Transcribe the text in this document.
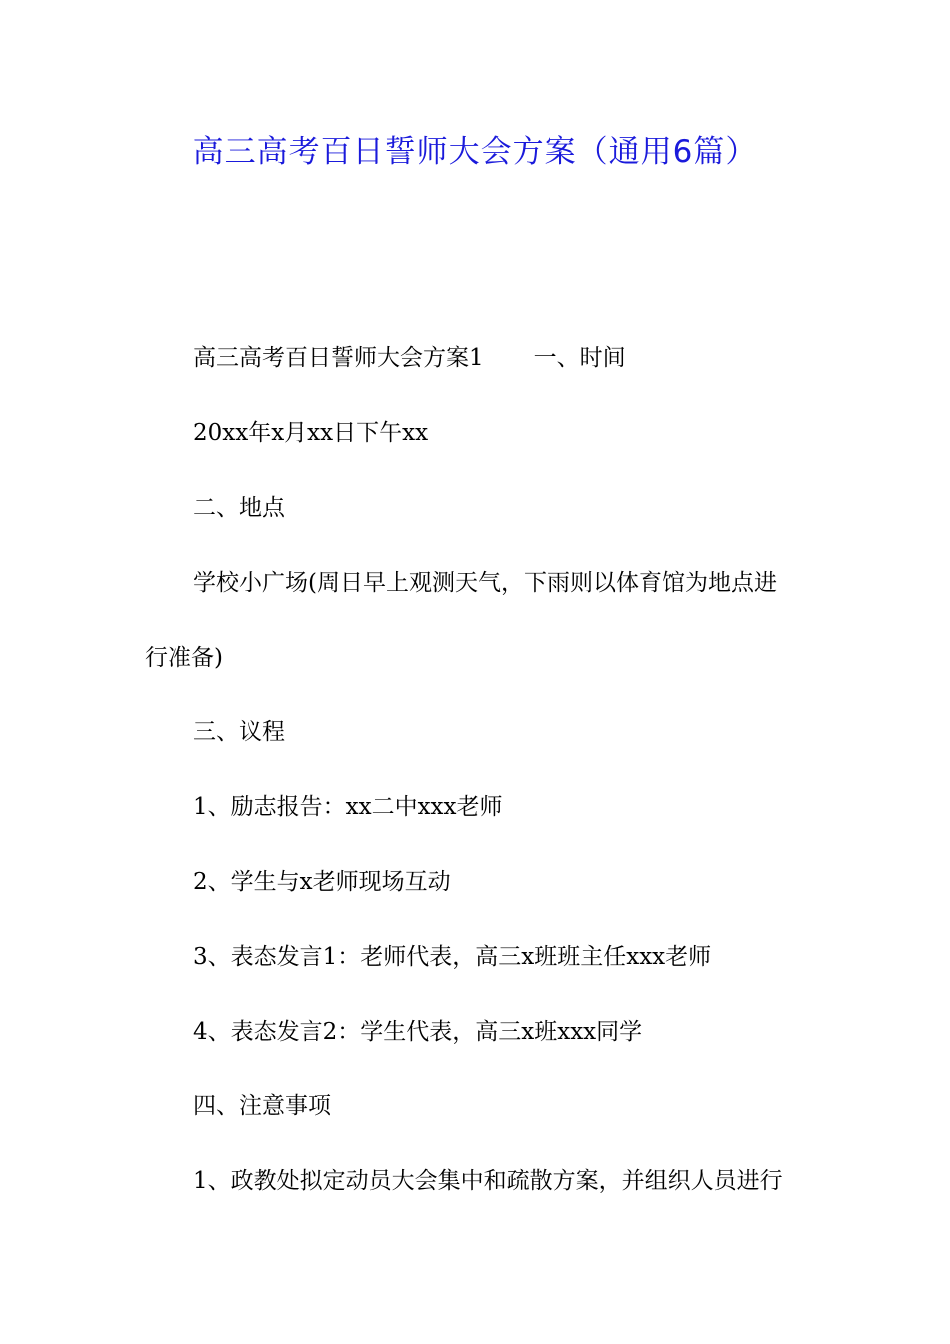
高三高考百日誓师大会方案（通用6篇）
高三高考百日誓师大会方案1 一、时间
20xx年x月xx日下午xx
二、地点
学校小广场(周日早上观测天气，下雨则以体育馆为地点进
行准备)
三、议程
1、励志报告：xx二中xxx老师
2、学生与x老师现场互动
3、表态发言1：老师代表，高三x班班主任xxx老师
4、表态发言2：学生代表，高三x班xxx同学
四、注意事项
1、政教处拟定动员大会集中和疏散方案，并组织人员进行
